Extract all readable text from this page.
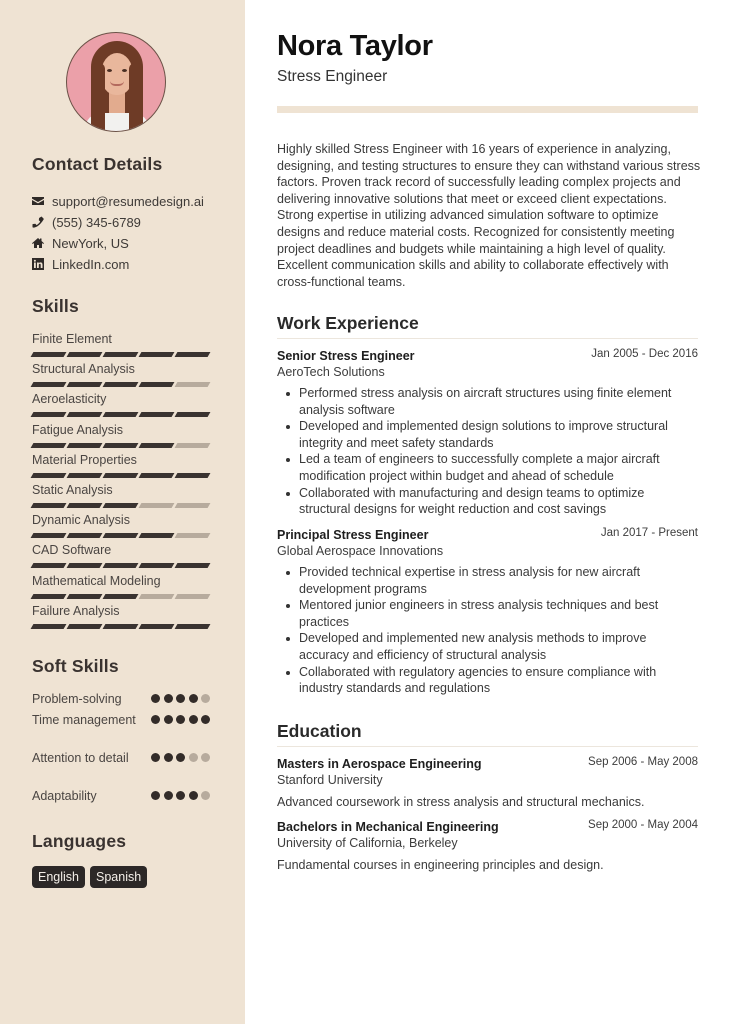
Contact Details
support@resumedesign.ai
(555) 345-6789
NewYork, US
LinkedIn.com
Skills
Finite Element
Structural Analysis
Aeroelasticity
Fatigue Analysis
Material Properties
Static Analysis
Dynamic Analysis
CAD Software
Mathematical Modeling
Failure Analysis
Soft Skills
Problem-solving
Time management
Attention to detail
Adaptability
Languages
English	Spanish
Nora Taylor
Stress Engineer

Highly skilled Stress Engineer with 16 years of experience in analyzing, designing, and testing structures to ensure they can withstand various stress factors. Proven track record of successfully leading complex projects and delivering innovative solutions that meet or exceed client expectations. Strong expertise in utilizing advanced simulation software to optimize designs and reduce material costs. Recognized for consistently meeting project deadlines and budgets while maintaining a high level of quality. Excellent communication skills and ability to collaborate effectively with cross-functional teams.

Work Experience
Senior Stress Engineer	Jan 2005 - Dec 2016
AeroTech Solutions
Performed stress analysis on aircraft structures using finite element analysis software
Developed and implemented design solutions to improve structural integrity and meet safety standards
Led a team of engineers to successfully complete a major aircraft modification project within budget and ahead of schedule
Collaborated with manufacturing and design teams to optimize structural designs for weight reduction and cost savings
Principal Stress Engineer	Jan 2017 - Present
Global Aerospace Innovations
Provided technical expertise in stress analysis for new aircraft development programs
Mentored junior engineers in stress analysis techniques and best practices
Developed and implemented new analysis methods to improve accuracy and efficiency of structural analysis
Collaborated with regulatory agencies to ensure compliance with industry standards and regulations
Education
Masters in Aerospace Engineering	Sep 2006 - May 2008
Stanford University
Advanced coursework in stress analysis and structural mechanics.
Bachelors in Mechanical Engineering	Sep 2000 - May 2004
University of California, Berkeley
Fundamental courses in engineering principles and design.
